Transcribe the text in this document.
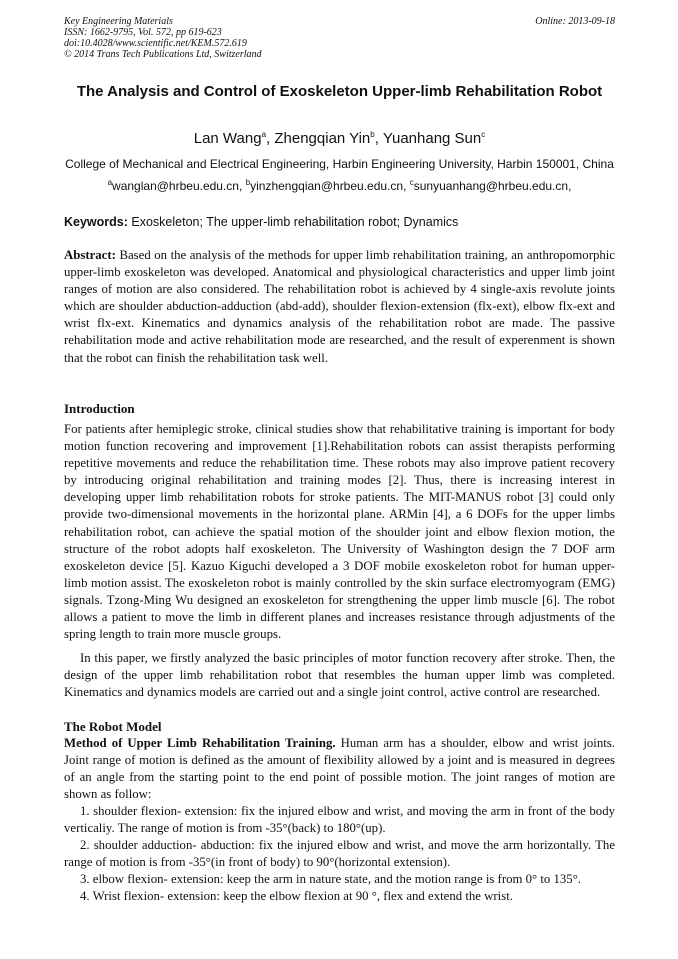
Key Engineering Materials
ISSN: 1662-9795, Vol. 572, pp 619-623
doi:10.4028/www.scientific.net/KEM.572.619
© 2014 Trans Tech Publications Ltd, Switzerland
Online: 2013-09-18
The Analysis and Control of Exoskeleton Upper-limb Rehabilitation Robot
Lan Wang$^a$, Zhengqian Yin$^b$, Yuanhang Sun$^c$
College of Mechanical and Electrical Engineering, Harbin Engineering University, Harbin 150001, China
$^a$wanglan@hrbeu.edu.cn, $^b$yinzhengqian@hrbeu.edu.cn, $^c$sunyuanhang@hrbeu.edu.cn,
Keywords: Exoskeleton; The upper-limb rehabilitation robot; Dynamics
Abstract: Based on the analysis of the methods for upper limb rehabilitation training, an anthropomorphic upper-limb exoskeleton was developed. Anatomical and physiological characteristics and upper limb joint ranges of motion are also considered. The rehabilitation robot is achieved by 4 single-axis revolute joints which are shoulder abduction-adduction (abd-add), shoulder flexion-extension (flx-ext), elbow flx-ext and wrist flx-ext. Kinematics and dynamics analysis of the rehabilitation robot are made. The passive rehabilitation mode and active rehabilitation mode are researched, and the result of experenment is shown that the robot can finish the rehabilitation task well.
Introduction
For patients after hemiplegic stroke, clinical studies show that rehabilitative training is important for body motion function recovering and improvement [1].Rehabilitation robots can assist therapists performing repetitive movements and reduce the rehabilitation time. These robots may also improve patient recovery by introducing original rehabilitation and training modes [2]. Thus, there is increasing interest in developing upper limb rehabilitation robots for stroke patients. The MIT-MANUS robot [3] could only provide two-dimensional movements in the horizontal plane. ARMin [4], a 6 DOFs for the upper limbs rehabilitation robot, can achieve the spatial motion of the shoulder joint and elbow flexion motion, the structure of the robot adopts half exoskeleton. The University of Washington design the 7 DOF arm exoskeleton device [5]. Kazuo Kiguchi developed a 3 DOF mobile exoskeleton robot for human upper-limb motion assist. The exoskeleton robot is mainly controlled by the skin surface electromyogram (EMG) signals. Tzong-Ming Wu designed an exoskeleton for strengthening the upper limb muscle [6]. The robot allows a patient to move the limb in different planes and increases resistance through adjustments of the spring length to train more muscle groups.
In this paper, we firstly analyzed the basic principles of motor function recovery after stroke. Then, the design of the upper limb rehabilitation robot that resembles the human upper limb was completed. Kinematics and dynamics models are carried out and a single joint control, active control are researched.
The Robot Model
Method of Upper Limb Rehabilitation Training. Human arm has a shoulder, elbow and wrist joints. Joint range of motion is defined as the amount of flexibility allowed by a joint and is measured in degrees of an angle from the starting point to the end point of possible motion. The joint ranges of motion are shown as follow:
1. shoulder flexion- extension: fix the injured elbow and wrist, and moving the arm in front of the body verticaliy. The range of motion is from -35°(back) to 180°(up).
2. shoulder adduction- abduction: fix the injured elbow and wrist, and move the arm horizontally. The range of motion is from -35°(in front of body) to 90°(horizontal extension).
3. elbow flexion- extension: keep the arm in nature state, and the motion range is from 0° to 135°.
4. Wrist flexion- extension: keep the elbow flexion at 90 °, flex and extend the wrist.
